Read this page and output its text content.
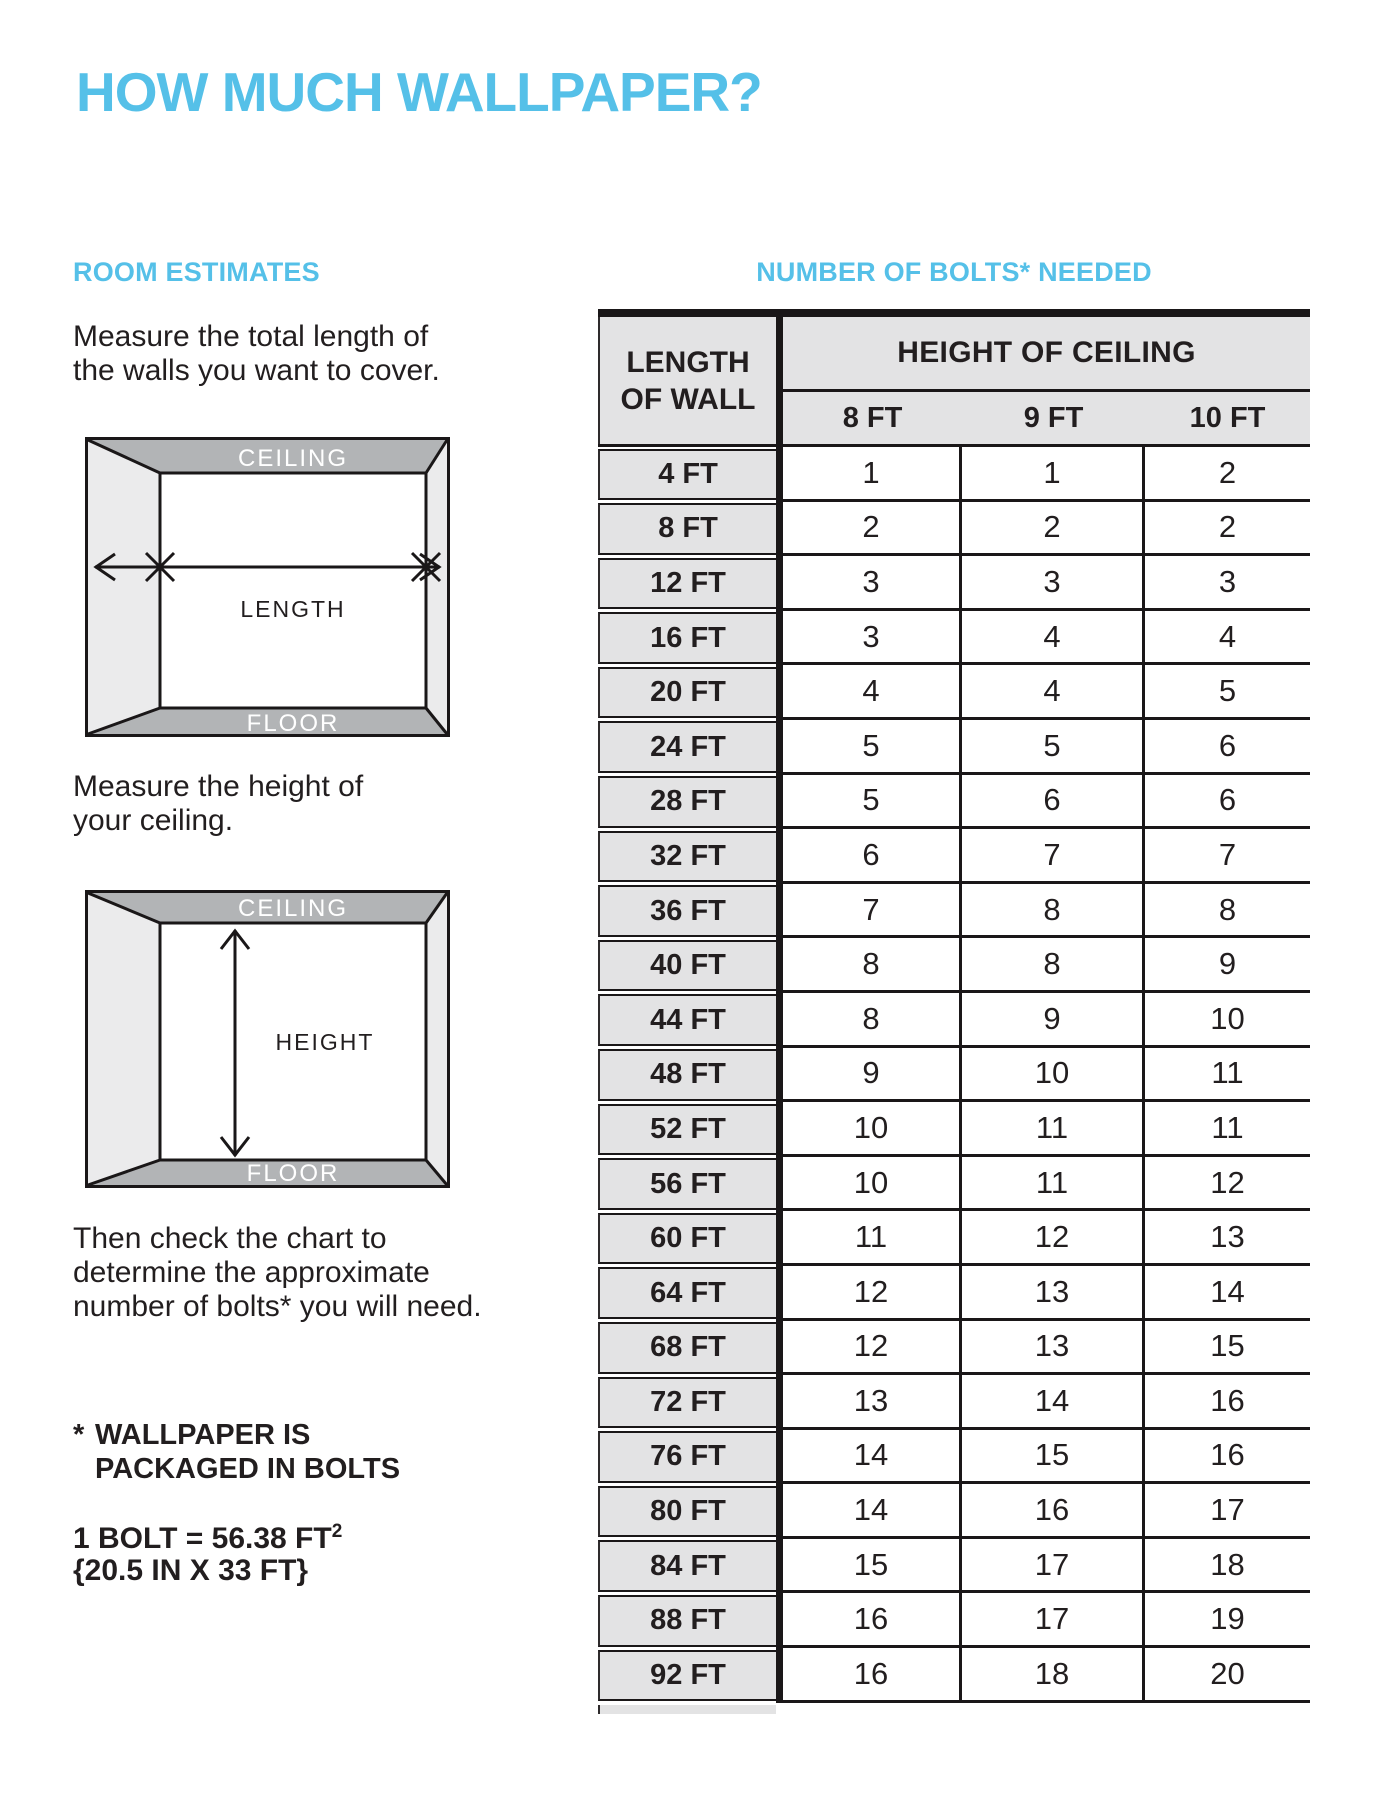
HOW MUCH WALLPAPER?
ROOM ESTIMATES	NUMBER OF BOLTS* NEEDED
Measure the total length of
the walls you want to cover.
CEILING
LENGTH
FLOOR
Measure the height of
your ceiling.
CEILING
HEIGHT
FLOOR
Then check the chart to
determine the approximate
number of bolts* you will need.
* WALLPAPER IS
PACKAGED IN BOLTS
1 BOLT = 56.38 $FT^2$
{20.5 IN X 33 FT}
LENGTH
OF WALL
HEIGHT OF CEILING
8 FT	9 FT	10 FT
4 FT	1	1	2
8 FT	2	2	2
12 FT	3	3	3
16 FT	3	4	4
20 FT	4	4	5
24 FT	5	5	6
28 FT	5	6	6
32 FT	6	7	7
36 FT	7	8	8
40 FT	8	8	9
44 FT	8	9	10
48 FT	9	10	11
52 FT	10	11	11
56 FT	10	11	12
60 FT	11	12	13
64 FT	12	13	14
68 FT	12	13	15
72 FT	13	14	16
76 FT	14	15	16
80 FT	14	16	17
84 FT	15	17	18
88 FT	16	17	19
92 FT	16	18	20
